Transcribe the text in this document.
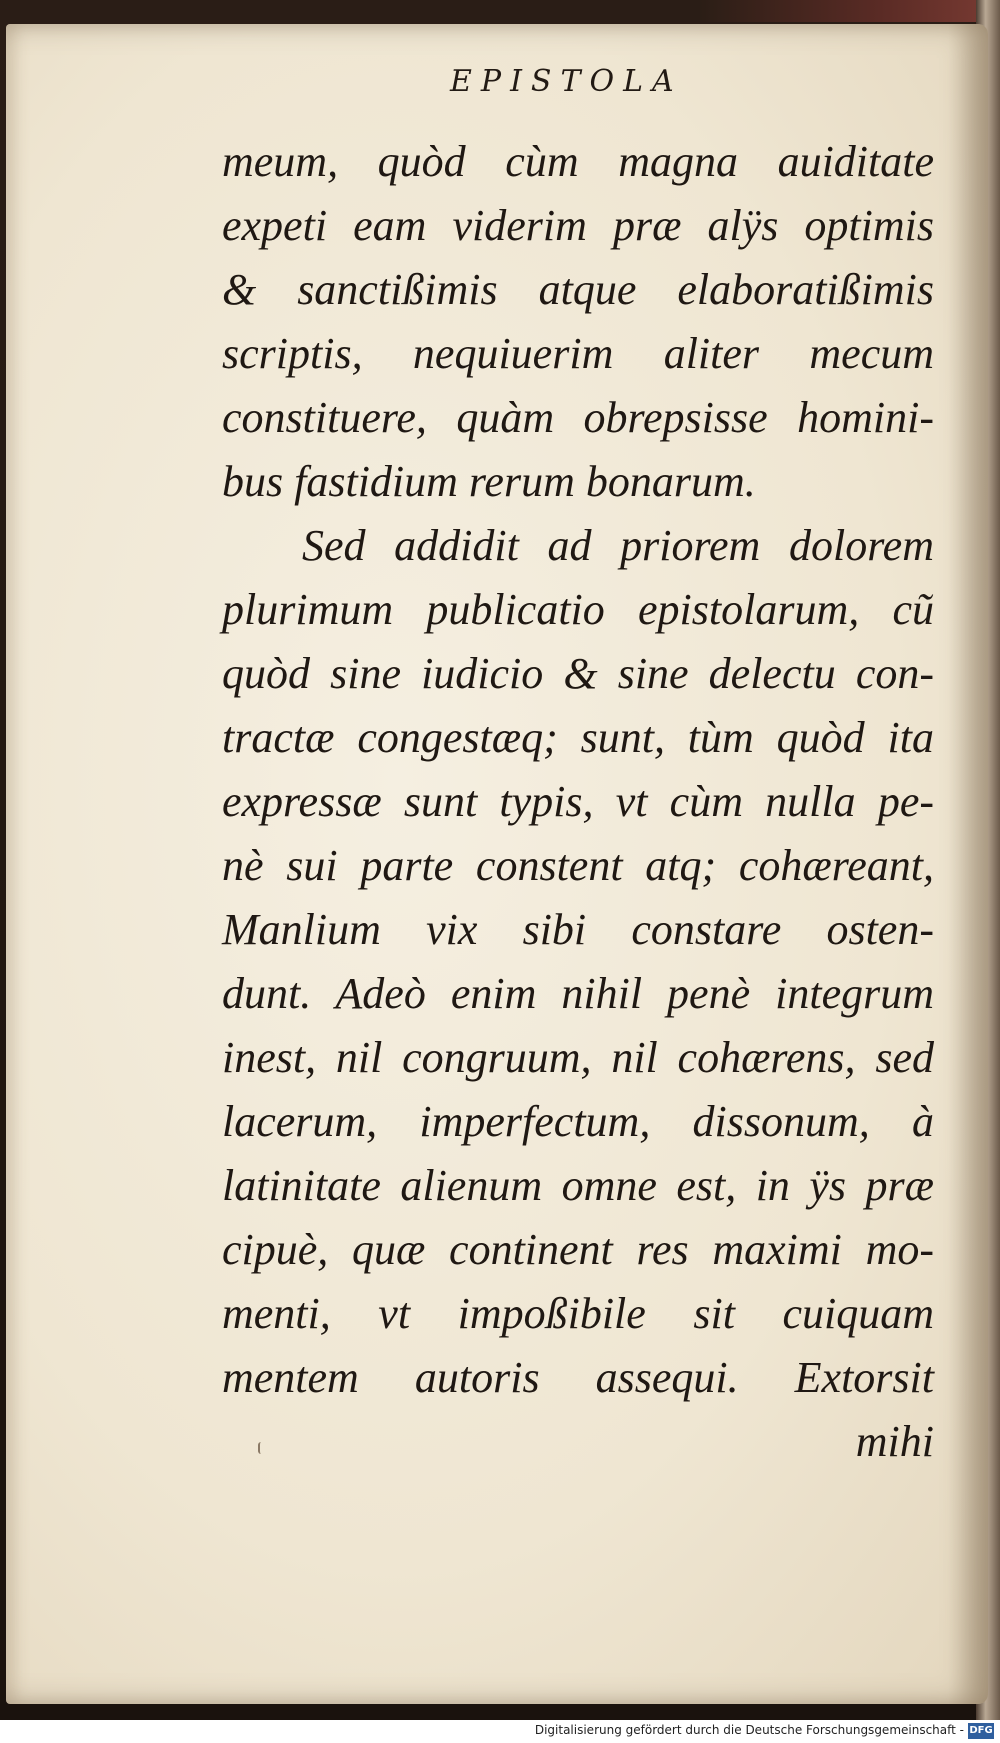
EPISTOLA
meum, quòd cùm magna auiditate
expeti eam viderim præ alÿs optimis
& sanctißimis atque elaboratißimis
scriptis, nequiuerim aliter mecum
constituere, quàm obrepsisse homini-
bus fastidium rerum bonarum.
Sed addidit ad priorem dolorem
plurimum publicatio epistolarum, cũ
quòd sine iudicio & sine delectu con-
tractæ congestæq; sunt, tùm quòd ita
expressæ sunt typis, vt cùm nulla pe-
nè sui parte constent atq; cohæreant,
Manlium vix sibi constare osten-
dunt. Adeò enim nihil penè integrum
inest, nil congruum, nil cohærens, sed
lacerum, imperfectum, dissonum, à
latinitate alienum omne est, in ÿs præ
cipuè, quæ continent res maximi mo-
menti, vt impoßibile sit cuiquam
mentem autoris assequi. Extorsit
mihi
Digitalisierung gefördert durch die Deutsche Forschungsgemeinschaft - DFG
